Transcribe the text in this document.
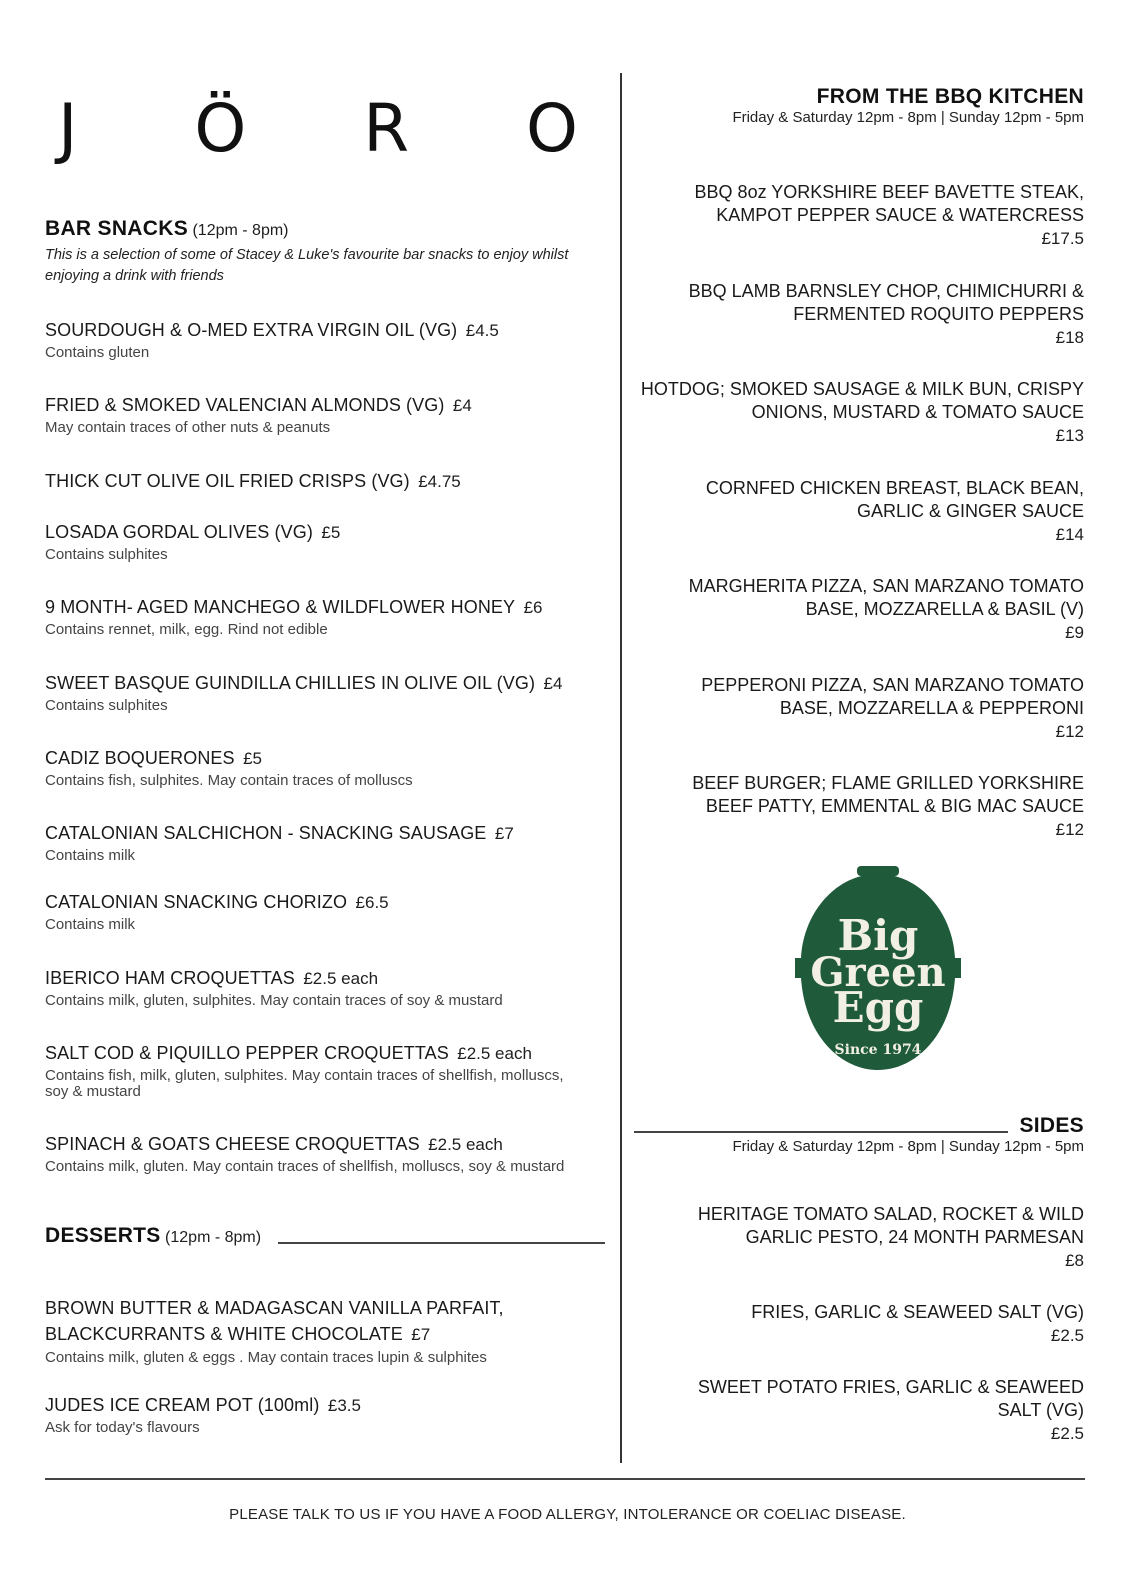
J Ö R O
BAR SNACKS (12pm - 8pm)
This is a selection of some of Stacey & Luke's favourite bar snacks to enjoy whilst enjoying a drink with friends
SOURDOUGH & O-MED EXTRA VIRGIN OIL (VG) £4.5
Contains gluten
FRIED & SMOKED VALENCIAN ALMONDS (VG) £4
May contain traces of other nuts & peanuts
THICK CUT OLIVE OIL FRIED CRISPS (VG) £4.75
LOSADA GORDAL OLIVES (VG) £5
Contains sulphites
9 MONTH- AGED MANCHEGO & WILDFLOWER HONEY £6
Contains rennet, milk, egg. Rind not edible
SWEET BASQUE GUINDILLA CHILLIES IN OLIVE OIL (VG) £4
Contains sulphites
CADIZ BOQUERONES £5
Contains fish, sulphites. May contain traces of molluscs
CATALONIAN SALCHICHON - SNACKING SAUSAGE £7
Contains milk
CATALONIAN SNACKING CHORIZO £6.5
Contains milk
IBERICO HAM CROQUETTAS £2.5 each
Contains milk, gluten, sulphites. May contain traces of soy & mustard
SALT COD & PIQUILLO PEPPER CROQUETTAS £2.5 each
Contains fish, milk, gluten, sulphites. May contain traces of shellfish, molluscs, soy & mustard
SPINACH & GOATS CHEESE CROQUETTAS £2.5 each
Contains milk, gluten. May contain traces of shellfish, molluscs, soy & mustard
DESSERTS (12pm - 8pm)
BROWN BUTTER & MADAGASCAN VANILLA PARFAIT, BLACKCURRANTS & WHITE CHOCOLATE £7
Contains milk, gluten & eggs . May contain traces lupin & sulphites
JUDES ICE CREAM POT (100ml) £3.5
Ask for today's flavours
FROM THE BBQ KITCHEN
Friday & Saturday 12pm - 8pm | Sunday 12pm - 5pm
BBQ 8oz YORKSHIRE BEEF BAVETTE STEAK, KAMPOT PEPPER SAUCE & WATERCRESS
£17.5
BBQ LAMB BARNSLEY CHOP, CHIMICHURRI & FERMENTED ROQUITO PEPPERS
£18
HOTDOG; SMOKED SAUSAGE & MILK BUN, CRISPY ONIONS, MUSTARD & TOMATO SAUCE
£13
CORNFED CHICKEN BREAST, BLACK BEAN, GARLIC & GINGER SAUCE
£14
MARGHERITA PIZZA, SAN MARZANO TOMATO BASE, MOZZARELLA & BASIL (V)
£9
PEPPERONI PIZZA, SAN MARZANO TOMATO BASE, MOZZARELLA & PEPPERONI
£12
BEEF BURGER; FLAME GRILLED YORKSHIRE BEEF PATTY, EMMENTAL & BIG MAC SAUCE
£12
SIDES
Friday & Saturday 12pm - 8pm | Sunday 12pm - 5pm
HERITAGE TOMATO SALAD, ROCKET & WILD GARLIC PESTO, 24 MONTH PARMESAN
£8
FRIES, GARLIC & SEAWEED SALT (VG)
£2.5
SWEET POTATO FRIES, GARLIC & SEAWEED SALT (VG)
£2.5
Big
Green
Egg
Since 1974
PLEASE TALK TO US IF YOU HAVE A FOOD ALLERGY, INTOLERANCE OR COELIAC DISEASE.
